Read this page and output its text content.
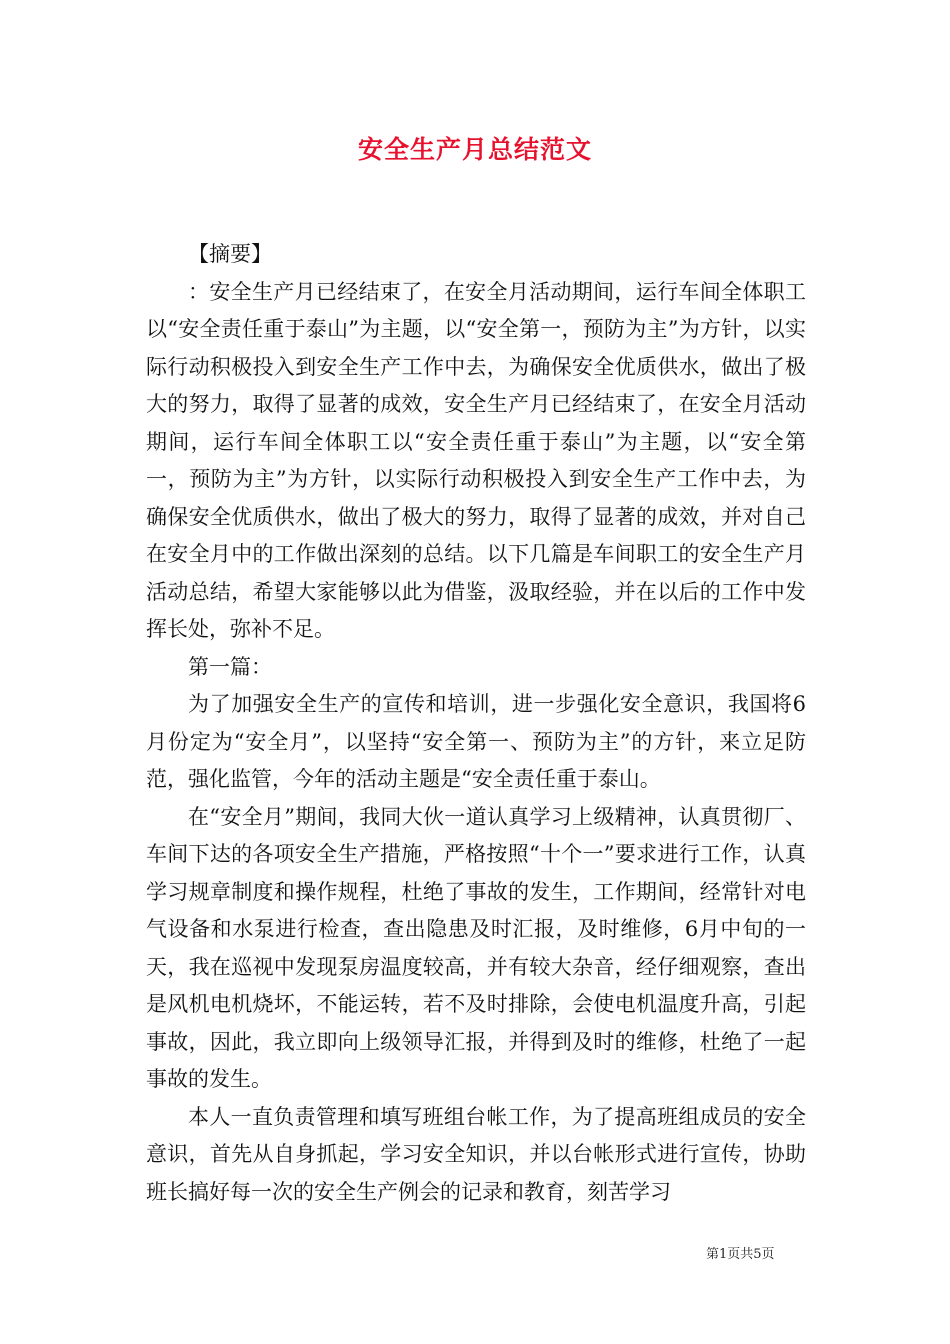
安全生产月总结范文

【摘要】

：安全生产月已经结束了，在安全月活动期间，运行车间全体职工以“安全责任重于泰山”为主题，以“安全第一，预防为主”为方针，以实际行动积极投入到安全生产工作中去，为确保安全优质供水，做出了极大的努力，取得了显著的成效，安全生产月已经结束了，在安全月活动期间，运行车间全体职工以“安全责任重于泰山”为主题，以“安全第一，预防为主”为方针，以实际行动积极投入到安全生产工作中去，为确保安全优质供水，做出了极大的努力，取得了显著的成效，并对自己在安全月中的工作做出深刻的总结。以下几篇是车间职工的安全生产月活动总结，希望大家能够以此为借鉴，汲取经验，并在以后的工作中发挥长处，弥补不足。

第一篇：

为了加强安全生产的宣传和培训，进一步强化安全意识，我国将6月份定为“安全月”，以坚持“安全第一、预防为主”的方针，来立足防范，强化监管，今年的活动主题是“安全责任重于泰山。

在“安全月”期间，我同大伙一道认真学习上级精神，认真贯彻厂、车间下达的各项安全生产措施，严格按照“十个一”要求进行工作，认真学习规章制度和操作规程，杜绝了事故的发生，工作期间，经常针对电气设备和水泵进行检查，查出隐患及时汇报，及时维修，6月中旬的一天，我在巡视中发现泵房温度较高，并有较大杂音，经仔细观察，查出是风机电机烧坏，不能运转，若不及时排除，会使电机温度升高，引起事故，因此，我立即向上级领导汇报，并得到及时的维修，杜绝了一起事故的发生。

本人一直负责管理和填写班组台帐工作，为了提高班组成员的安全意识，首先从自身抓起，学习安全知识，并以台帐形式进行宣传，协助班长搞好每一次的安全生产例会的记录和教育，刻苦学习

第1页共5页
